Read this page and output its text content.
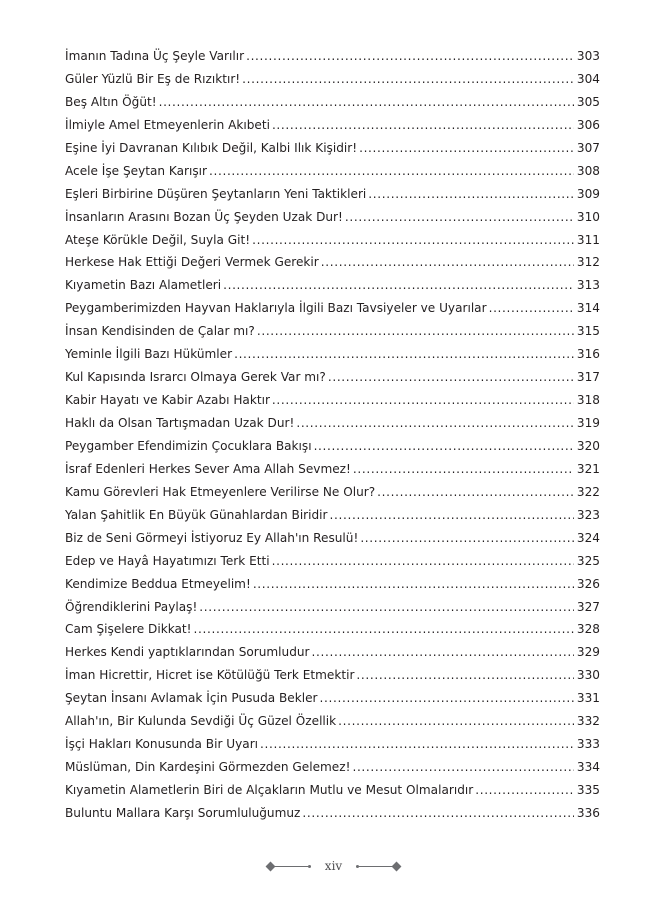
İmanın Tadına Üç Şeyle Varılır . . .	303
Güler Yüzlü Bir Eş de Rızıktır! . . .	304
Beş Altın Öğüt! . . .	305
İlmiyle Amel Etmeyenlerin Akıbeti . . .	306
Eşine İyi Davranan Kılıbık Değil, Kalbi Ilık Kişidir! . . .	307
Acele İşe Şeytan Karışır . . .	308
Eşleri Birbirine Düşüren Şeytanların Yeni Taktikleri . . .	309
İnsanların Arasını Bozan Üç Şeyden Uzak Dur! . . .	310
Ateşe Körükle Değil, Suyla Git! . . .	311
Herkese Hak Ettiği Değeri Vermek Gerekir . . .	312
Kıyametin Bazı Alametleri . . .	313
Peygamberimizden Hayvan Haklarıyla İlgili Bazı Tavsiyeler ve Uyarılar . . .	314
İnsan Kendisinden de Çalar mı? . . .	315
Yeminle İlgili Bazı Hükümler . . .	316
Kul Kapısında Israrcı Olmaya Gerek Var mı? . . .	317
Kabir Hayatı ve Kabir Azabı Haktır . . .	318
Haklı da Olsan Tartışmadan Uzak Dur! . . .	319
Peygamber Efendimizin Çocuklara Bakışı . . .	320
İsraf Edenleri Herkes Sever Ama Allah Sevmez! . . .	321
Kamu Görevleri Hak Etmeyenlere Verilirse Ne Olur? . . .	322
Yalan Şahitlik En Büyük Günahlardan Biridir . . .	323
Biz de Seni Görmeyi İstiyoruz Ey Allah'ın Resulü! . . .	324
Edep ve Hayâ Hayatımızı Terk Etti . . .	325
Kendimize Beddua Etmeyelim! . . .	326
Öğrendiklerini Paylaş! . . .	327
Cam Şişelere Dikkat! . . .	328
Herkes Kendi yaptıklarından Sorumludur . . .	329
İman Hicrettir, Hicret ise Kötülüğü Terk Etmektir . . .	330
Şeytan İnsanı Avlamak İçin Pusuda Bekler . . .	331
Allah'ın, Bir Kulunda Sevdiği Üç Güzel Özellik . . .	332
İşçi Hakları Konusunda Bir Uyarı . . .	333
Müslüman, Din Kardeşini Görmezden Gelemez! . . .	334
Kıyametin Alametlerin Biri de Alçakların Mutlu ve Mesut Olmalarıdır . . .	335
Buluntu Mallara Karşı Sorumluluğumuz . . .	336
xiv
